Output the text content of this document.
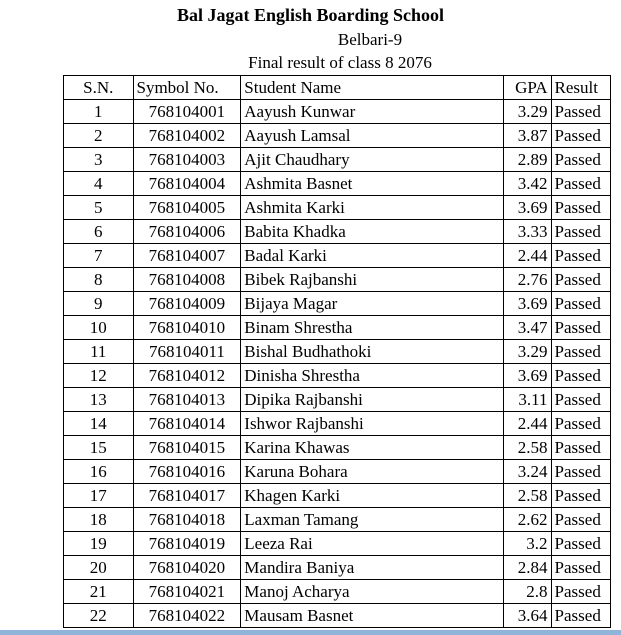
Bal Jagat English Boarding School
Belbari-9
Final result of class 8 2076
S.N.	Symbol No.	Student Name	GPA	Result
1	768104001	Aayush Kunwar	3.29	Passed
2	768104002	Aayush Lamsal	3.87	Passed
3	768104003	Ajit Chaudhary	2.89	Passed
4	768104004	Ashmita Basnet	3.42	Passed
5	768104005	Ashmita Karki	3.69	Passed
6	768104006	Babita Khadka	3.33	Passed
7	768104007	Badal Karki	2.44	Passed
8	768104008	Bibek Rajbanshi	2.76	Passed
9	768104009	Bijaya Magar	3.69	Passed
10	768104010	Binam Shrestha	3.47	Passed
11	768104011	Bishal Budhathoki	3.29	Passed
12	768104012	Dinisha Shrestha	3.69	Passed
13	768104013	Dipika Rajbanshi	3.11	Passed
14	768104014	Ishwor Rajbanshi	2.44	Passed
15	768104015	Karina Khawas	2.58	Passed
16	768104016	Karuna Bohara	3.24	Passed
17	768104017	Khagen Karki	2.58	Passed
18	768104018	Laxman Tamang	2.62	Passed
19	768104019	Leeza Rai	3.2	Passed
20	768104020	Mandira Baniya	2.84	Passed
21	768104021	Manoj Acharya	2.8	Passed
22	768104022	Mausam Basnet	3.64	Passed
